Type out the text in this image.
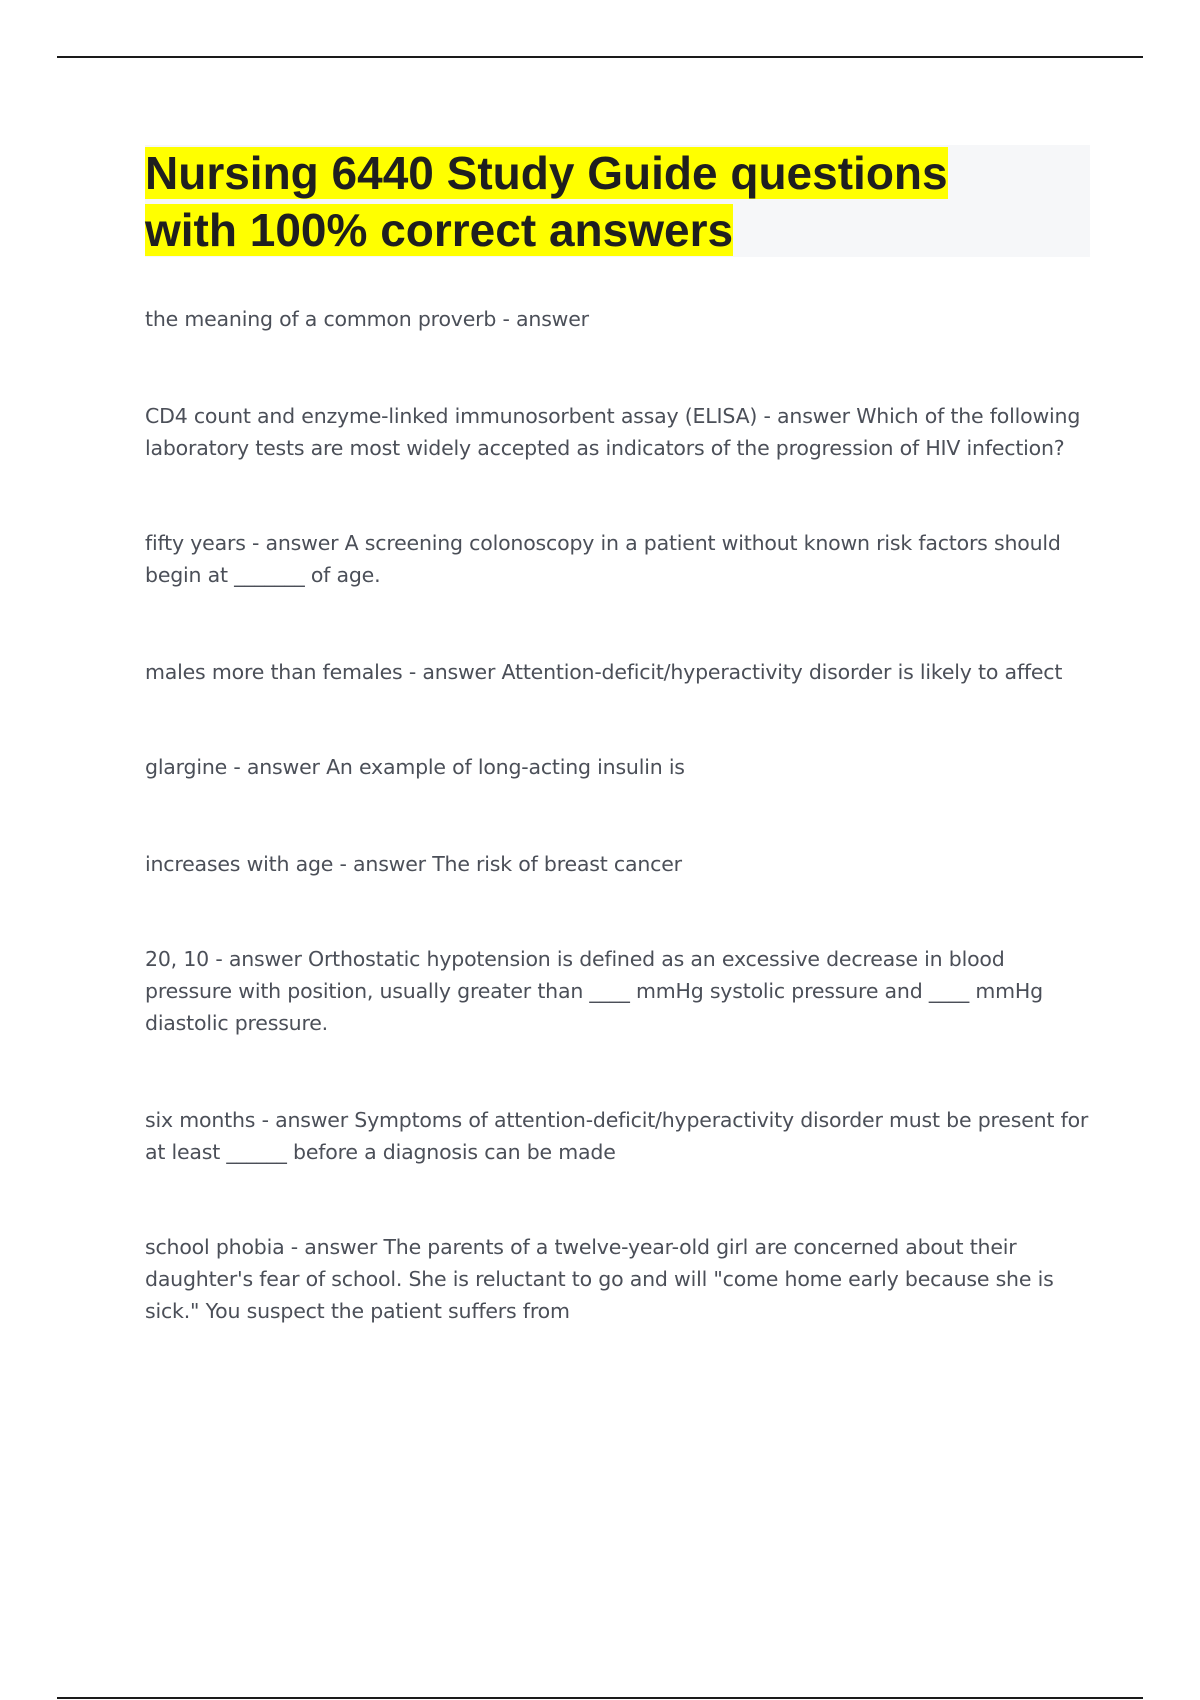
Nursing 6440 Study Guide questions
with 100% correct answers
the meaning of a common proverb - answer
CD4 count and enzyme-linked immunosorbent assay (ELISA) - answer Which of the following laboratory tests are most widely accepted as indicators of the progression of HIV infection?
fifty years - answer A screening colonoscopy in a patient without known risk factors should begin at _______ of age.
males more than females - answer Attention-deficit/hyperactivity disorder is likely to affect
glargine - answer An example of long-acting insulin is
increases with age - answer The risk of breast cancer
20, 10 - answer Orthostatic hypotension is defined as an excessive decrease in blood pressure with position, usually greater than ____ mmHg systolic pressure and ____ mmHg diastolic pressure.
six months - answer Symptoms of attention-deficit/hyperactivity disorder must be present for at least ______ before a diagnosis can be made
school phobia - answer The parents of a twelve-year-old girl are concerned about their daughter's fear of school. She is reluctant to go and will "come home early because she is sick." You suspect the patient suffers from
